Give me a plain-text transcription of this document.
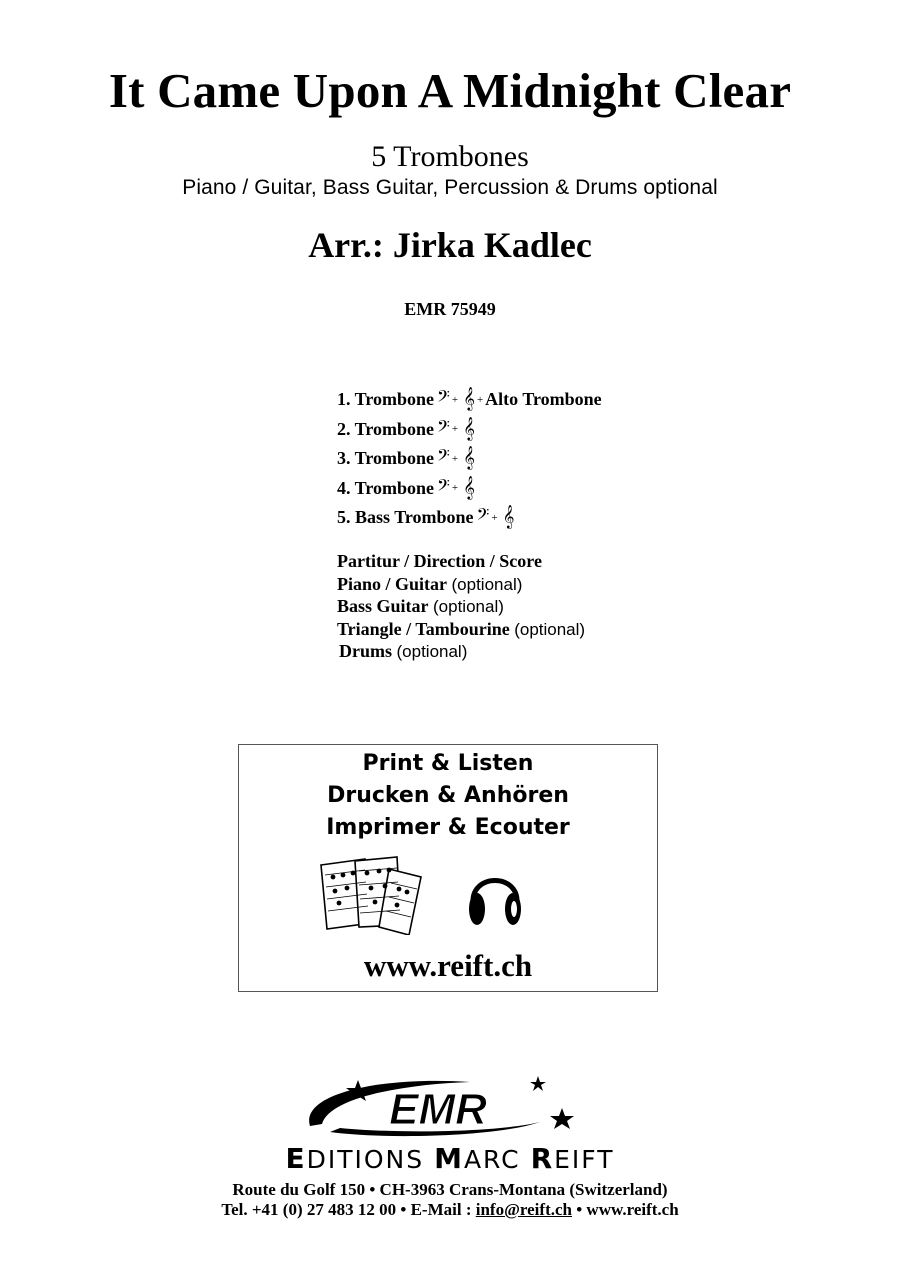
It Came Upon A Midnight Clear
5 Trombones
Piano / Guitar, Bass Guitar, Percussion & Drums optional
Arr.: Jirka Kadlec
EMR 75949
1. Trombone 𝄢 + 𝄞 + Alto Trombone
2. Trombone 𝄢 + 𝄞
3. Trombone 𝄢 + 𝄞
4. Trombone 𝄢 + 𝄞
5. Bass Trombone 𝄢 + 𝄞
Partitur / Direction / Score
Piano / Guitar (optional)
Bass Guitar (optional)
Triangle / Tambourine (optional)
Drums (optional)
Print & Listen
Drucken & Anhören
Imprimer & Ecouter
www.reift.ch
EMR
EDITIONS MARC REIFT
Route du Golf 150 • CH-3963 Crans-Montana (Switzerland)
Tel. +41 (0) 27 483 12 00 • E-Mail : info@reift.ch • www.reift.ch
